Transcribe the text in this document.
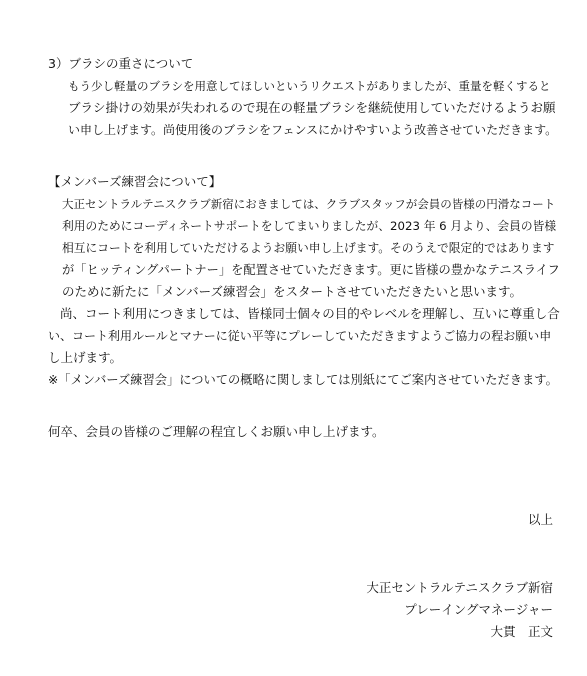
3）ブラシの重さについて
もう少し軽量のブラシを用意してほしいというリクエストがありましたが、重量を軽くすると
ブラシ掛けの効果が失われるので現在の軽量ブラシを継続使用していただけるようお願
い申し上げます。尚使用後のブラシをフェンスにかけやすいよう改善させていただきます。
【メンバーズ練習会について】
大正セントラルテニスクラブ新宿におきましては、クラブスタッフが会員の皆様の円滑なコート
利用のためにコーディネートサポートをしてまいりましたが、2023 年 6 月より、会員の皆様
相互にコートを利用していただけるようお願い申し上げます。そのうえで限定的ではあります
が「ヒッティングパートナー」を配置させていただきます。更に皆様の豊かなテニスライフ
のために新たに「メンバーズ練習会」をスタートさせていただきたいと思います。
尚、コート利用につきましては、皆様同士個々の目的やレベルを理解し、互いに尊重し合
い、コート利用ルールとマナーに従い平等にプレーしていただきますようご協力の程お願い申
し上げます。
※「メンバーズ練習会」についての概略に関しましては別紙にてご案内させていただきます。
何卒、会員の皆様のご理解の程宜しくお願い申し上げます。
以上
大正セントラルテニスクラブ新宿
プレーイングマネージャー
大貫　正文
